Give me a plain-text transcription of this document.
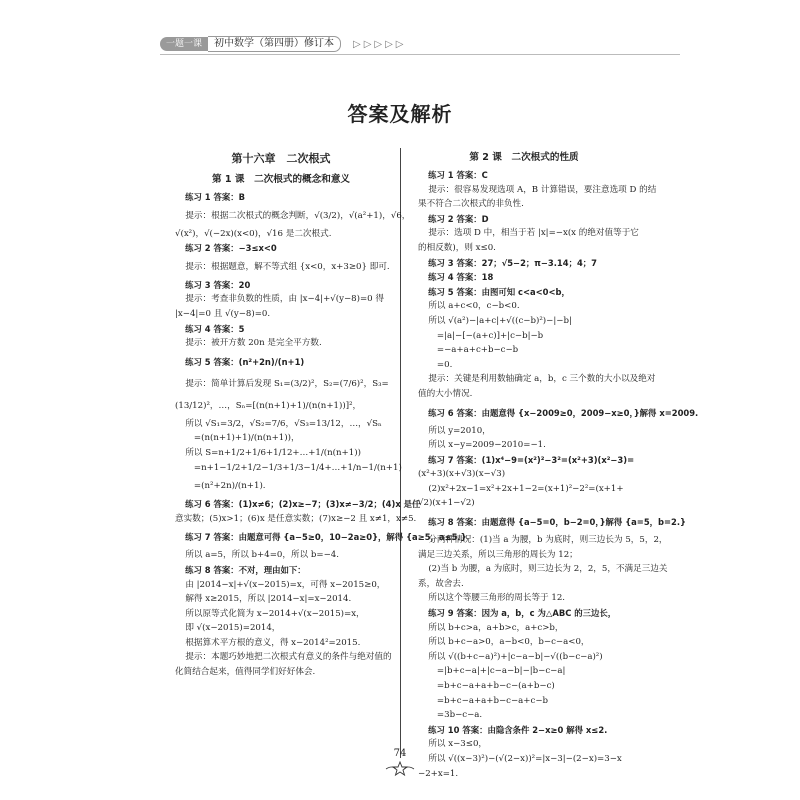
一题一课	初中数学（第四册）修订本	▷▷▷▷▷
答案及解析
第十六章　二次根式
第 1 课　二次根式的概念和意义
练习 1 答案：B
提示：根据二次根式的概念判断，√(3/2)，√(a²+1)，√6，
√(x²)，√(−2x)(x<0)，√16 是二次根式.
练习 2 答案：−3≤x<0
提示：根据题意，解不等式组 {x<0，x+3≥0} 即可.
练习 3 答案：20
提示：考查非负数的性质，由 |x−4|+√(y−8)=0 得
|x−4|=0 且 √(y−8)=0.
练习 4 答案：5
提示：被开方数 20n 是完全平方数.
练习 5 答案：(n²+2n)/(n+1)
提示：简单计算后发现 S₁=(3/2)²，S₂=(7/6)²，S₃=
(13/12)²，…，Sₙ=[(n(n+1)+1)/(n(n+1))]²，
所以 √S₁=3/2，√S₂=7/6，√S₃=13/12，…，√Sₙ
=(n(n+1)+1)/(n(n+1))，
所以 S=n+1/2+1/6+1/12+…+1/(n(n+1))
=n+1−1/2+1/2−1/3+1/3−1/4+…+1/n−1/(n+1)
=(n²+2n)/(n+1).
练习 6 答案：(1)x≠6；(2)x≥−7；(3)x≠−3/2；(4)x 是任
意实数；(5)x>1；(6)x 是任意实数；(7)x≥−2 且 x≠1，x≠5.
练习 7 答案：由题意可得 {a−5≥0，10−2a≥0}，解得 {a≥5，a≤5.}
所以 a=5，所以 b+4=0，所以 b=−4.
练习 8 答案：不对，理由如下：
由 |2014−x|+√(x−2015)=x，可得 x−2015≥0，
解得 x≥2015，所以 |2014−x|=x−2014.
所以原等式化简为 x−2014+√(x−2015)=x，
即 √(x−2015)=2014，
根据算术平方根的意义，得 x−2014²=2015.
提示：本题巧妙地把二次根式有意义的条件与绝对值的
化简结合起来，值得同学们好好体会.
第 2 课　二次根式的性质
练习 1 答案：C
提示：很容易发现选项 A，B 计算错误，要注意选项 D 的结
果不符合二次根式的非负性.
练习 2 答案：D
提示：选项 D 中，相当于若 |x|=−x(x 的绝对值等于它
的相反数)，则 x≤0.
练习 3 答案：27；√5−2；π−3.14；4；7
练习 4 答案：18
练习 5 答案：由图可知 c<a<0<b，
所以 a+c<0，c−b<0.
所以 √(a²)−|a+c|+√((c−b)²)−|−b|
=|a|−[−(a+c)]+|c−b|−b
=−a+a+c+b−c−b
=0.
提示：关键是利用数轴确定 a，b，c 三个数的大小以及绝对
值的大小情况.
练习 6 答案：由题意得 {x−2009≥0，2009−x≥0，}解得 x=2009.
所以 y=2010，
所以 x−y=2009−2010=−1.
练习 7 答案：(1)x⁴−9=(x²)²−3²=(x²+3)(x²−3)=
(x²+3)(x+√3)(x−√3)
(2)x²+2x−1=x²+2x+1−2=(x+1)²−2²=(x+1+
√2)(x+1−√2)
练习 8 答案：由题意得 {a−5=0，b−2=0，}解得 {a=5，b=2.}
分两种情况：(1)当 a 为腰，b 为底时，则三边长为 5，5，2，
满足三边关系，所以三角形的周长为 12；
(2)当 b 为腰，a 为底时，则三边长为 2，2，5，不满足三边关
系，故舍去.
所以这个等腰三角形的周长等于 12.
练习 9 答案：因为 a，b，c 为△ABC 的三边长，
所以 b+c>a，a+b>c，a+c>b，
所以 b+c−a>0，a−b<0，b−c−a<0，
所以 √((b+c−a)²)+|c−a−b|−√((b−c−a)²)
=|b+c−a|+|c−a−b|−|b−c−a|
=b+c−a+a+b−c−(a+b−c)
=b+c−a+a+b−c−a+c−b
=3b−c−a.
练习 10 答案：由隐含条件 2−x≥0 解得 x≤2.
所以 x−3≤0，
所以 √((x−3)²)−(√(2−x))²=|x−3|−(2−x)=3−x
−2+x=1.
74
